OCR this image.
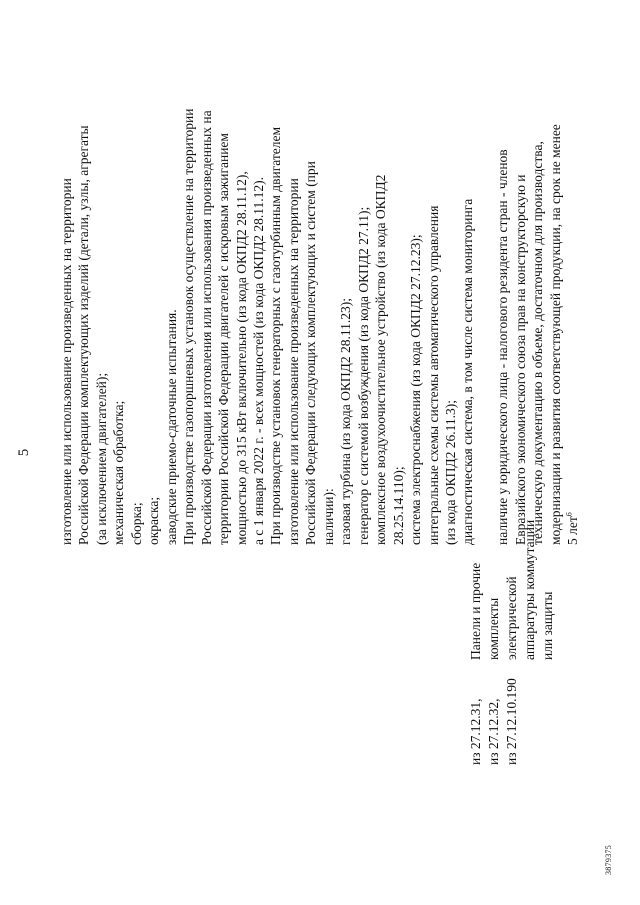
5
из 27.12.31, из 27.12.32, из 27.12.10.190
Панели и прочие комплекты электрической аппаратуры коммутации или защиты
изготовление или использование произведенных на территории Российской Федерации комплектующих изделий (детали, узлы, агрегаты (за исключением двигателей); механическая обработка; сборка; окраска; заводские приемо-сдаточные испытания. При производстве газопоршневых установок осуществление на территории Российской Федерации изготовления или использования произведенных на территории Российской Федерации двигателей с искровым зажиганием мощностью до 315 кВт включительно (из кода ОКПД2 28.11.12), а с 1 января 2022 г. - всех мощностей (из кода ОКПД2 28.11.12). При производстве установок генераторных с газотурбинным двигателем изготовление или использование произведенных на территории Российской Федерации следующих комплектующих и систем (при наличии): газовая турбина (из кода ОКПД2 28.11.23); генератор с системой возбуждения (из кода ОКПД2 27.11); комплексное воздухоочистительное устройство (из кода ОКПД2 28.25.14.110); система электроснабжения (из кода ОКПД2 27.12.23); интегральные схемы системы автоматического управления (из кода ОКПД2 26.11.3); диагностическая система, в том числе система мониторинга
наличие у юридического лица - налогового резидента стран - членов Евразийского экономического союза прав на конструкторскую и техническую документацию в объеме, достаточном для производства, модернизации и развития соответствующей продукции, на срок не менее 5 лет$^6$
3879375
